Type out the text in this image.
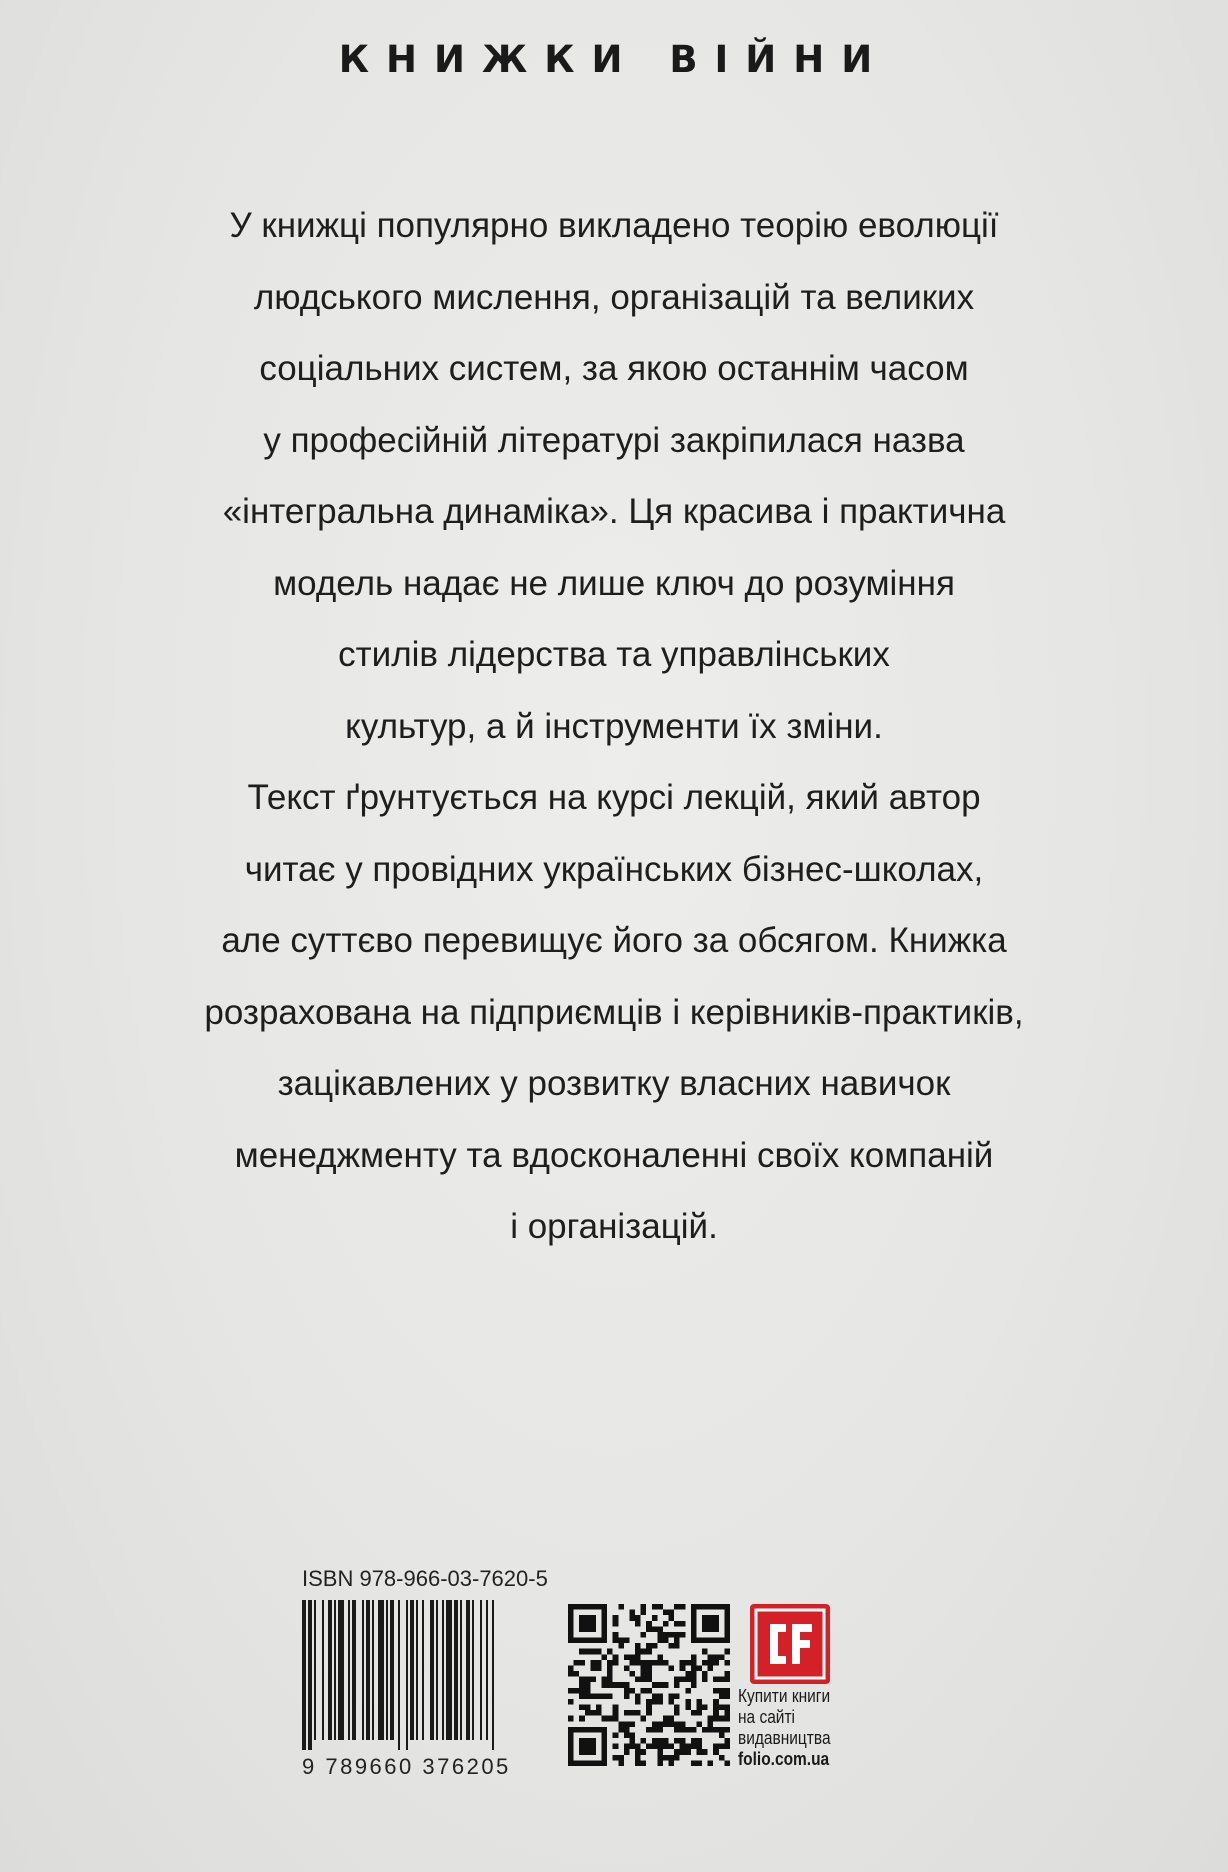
КНИЖКИ ВІЙНИ
У книжці популярно викладено теорію еволюції
людського мислення, організацій та великих
соціальних систем, за якою останнім часом
у професійній літературі закріпилася назва
«інтегральна динаміка». Ця красива і практична
модель надає не лише ключ до розуміння
стилів лідерства та управлінських
культур, а й інструменти їх зміни.
Текст ґрунтується на курсі лекцій, який автор
читає у провідних українських бізнес-школах,
але суттєво перевищує його за обсягом. Книжка
розрахована на підприємців і керівників-практиків,
зацікавлених у розвитку власних навичок
менеджменту та вдосконаленні своїх компаній
і організацій.
ISBN 978-966-03-7620-5
9 789660 376205
Купити книги
на сайті
видавництва
folio.com.ua
